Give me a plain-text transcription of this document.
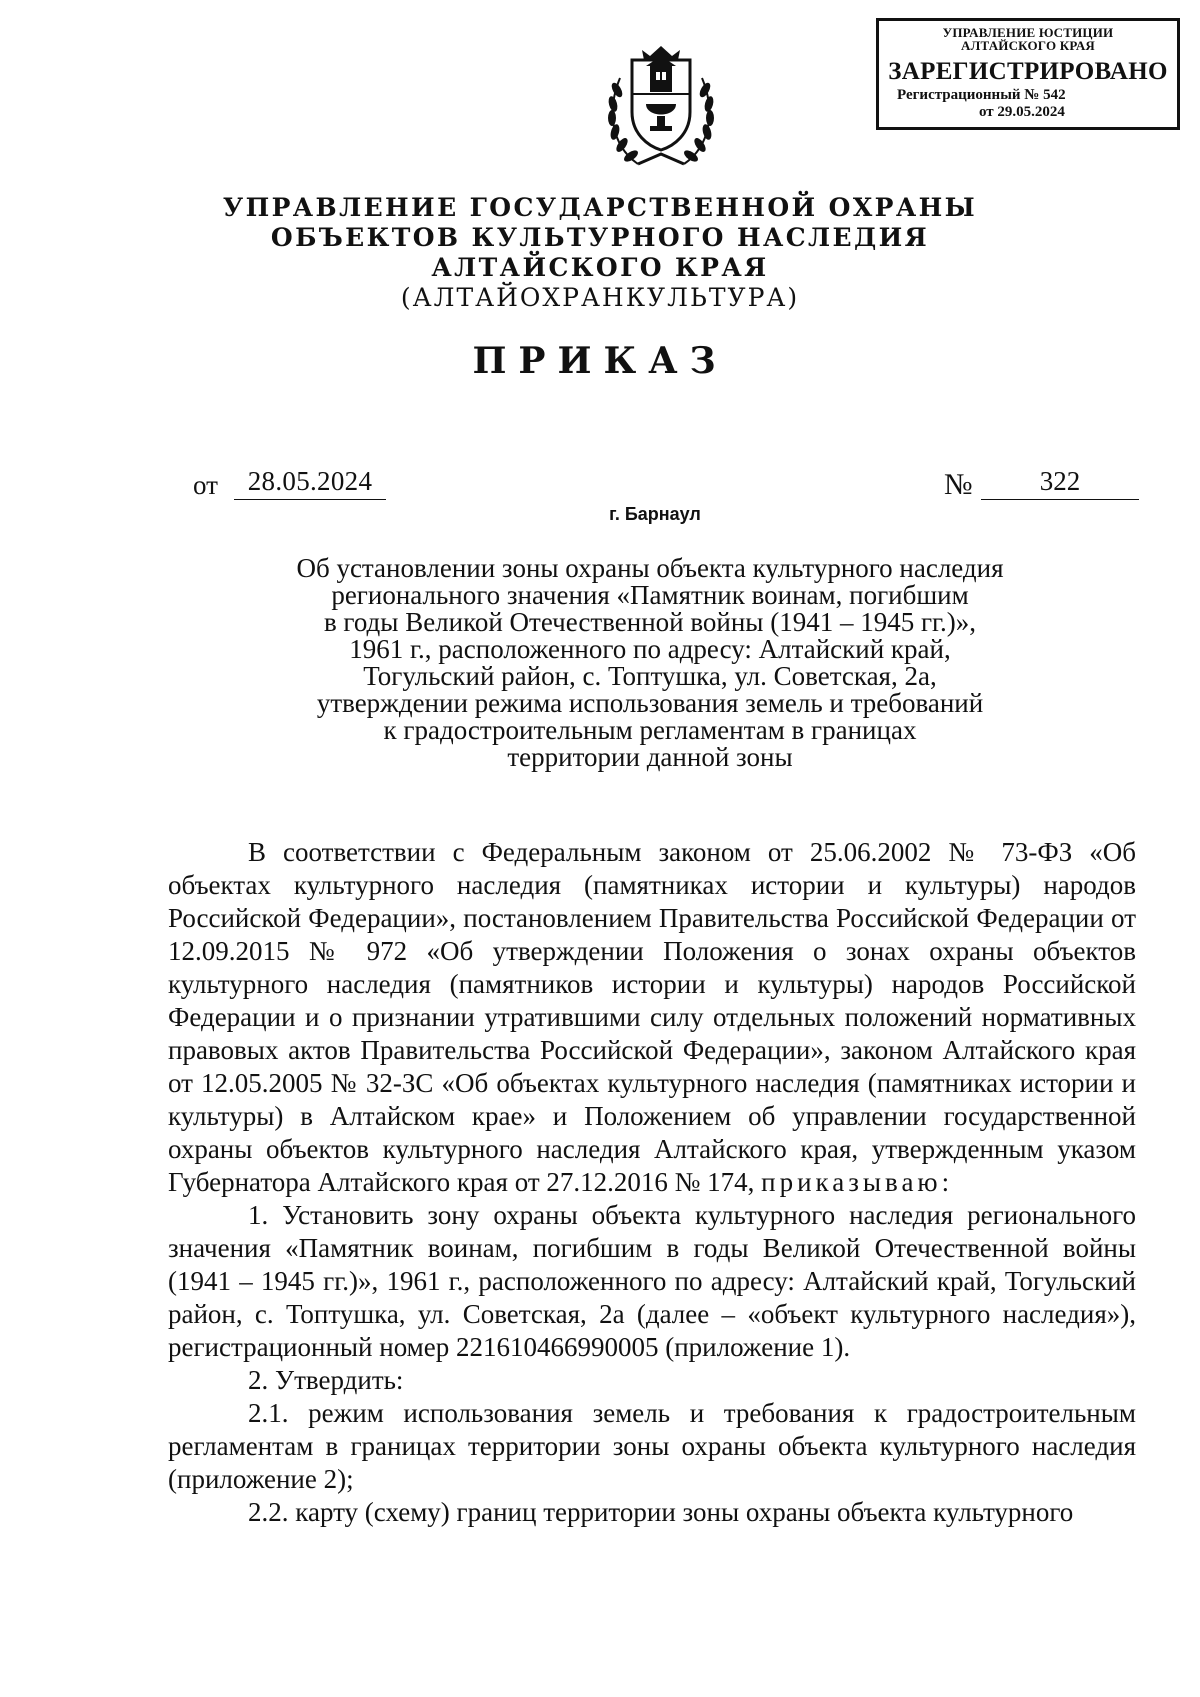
УПРАВЛЕНИЕ ЮСТИЦИИ
АЛТАЙСКОГО КРАЯ
ЗАРЕГИСТРИРОВАНО
Регистрационный № 542
от 29.05.2024
УПРАВЛЕНИЕ ГОСУДАРСТВЕННОЙ ОХРАНЫ
ОБЪЕКТОВ КУЛЬТУРНОГО НАСЛЕДИЯ
АЛТАЙСКОГО КРАЯ
(АЛТАЙОХРАНКУЛЬТУРА)
ПРИКАЗ
от	28.05.2024	№	322
г. Барнаул
Об установлении зоны охраны объекта культурного наследия
регионального значения «Памятник воинам, погибшим
в годы Великой Отечественной войны (1941 – 1945 гг.)»,
1961 г., расположенного по адресу: Алтайский край,
Тогульский район, с. Топтушка, ул. Советская, 2а,
утверждении режима использования земель и требований
к градостроительным регламентам в границах
территории данной зоны

В соответствии с Федеральным законом от 25.06.2002 № 73-ФЗ «Об объектах культурного наследия (памятниках истории и культуры) народов Российской Федерации», постановлением Правительства Российской Федерации от 12.09.2015 № 972 «Об утверждении Положения о зонах охраны объектов культурного наследия (памятников истории и культуры) народов Российской Федерации и о признании утратившими силу отдельных положений нормативных правовых актов Правительства Российской Федерации», законом Алтайского края от 12.05.2005 № 32-ЗС «Об объектах культурного наследия (памятниках истории и культуры) в Алтайском крае» и Положением об управлении государственной охраны объектов культурного наследия Алтайского края, утвержденным указом Губернатора Алтайского края от 27.12.2016 № 174, приказываю:

1. Установить зону охраны объекта культурного наследия регионального значения «Памятник воинам, погибшим в годы Великой Отечественной войны (1941 – 1945 гг.)», 1961 г., расположенного по адресу: Алтайский край, Тогульский район, с. Топтушка, ул. Советская, 2а (далее – «объект культурного наследия»), регистрационный номер 221610466990005 (приложение 1).

2. Утвердить:

2.1. режим использования земель и требования к градостроительным регламентам в границах территории зоны охраны объекта культурного наследия (приложение 2);

2.2. карту (схему) границ территории зоны охраны объекта культурного
